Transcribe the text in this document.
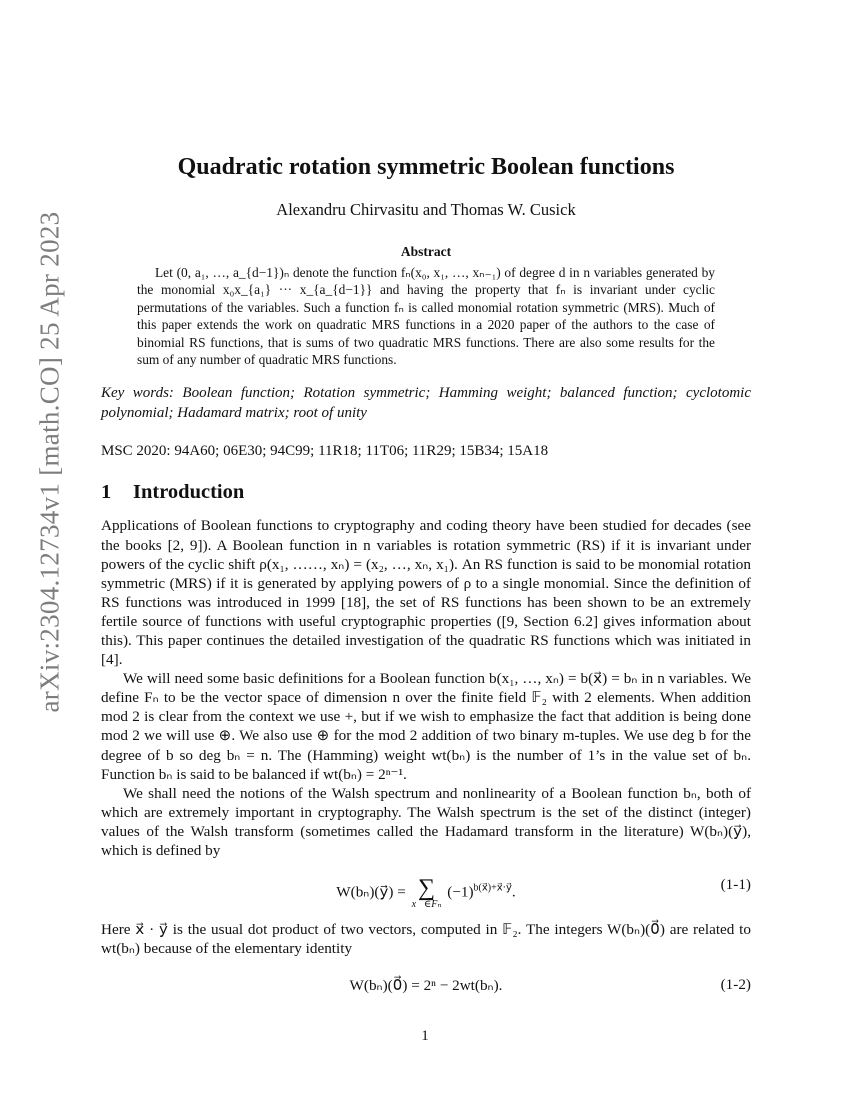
arXiv:2304.12734v1 [math.CO] 25 Apr 2023
Quadratic rotation symmetric Boolean functions
Alexandru Chirvasitu and Thomas W. Cusick
Abstract

Let (0, a₁, …, a_{d−1})ₙ denote the function fₙ(x₀, x₁, …, xₙ₋₁) of degree d in n variables generated by the monomial x₀x_{a₁} ··· x_{a_{d−1}} and having the property that fₙ is invariant under cyclic permutations of the variables. Such a function fₙ is called monomial rotation symmetric (MRS). Much of this paper extends the work on quadratic MRS functions in a 2020 paper of the authors to the case of binomial RS functions, that is sums of two quadratic MRS functions. There are also some results for the sum of any number of quadratic MRS functions.

Key words: Boolean function; Rotation symmetric; Hamming weight; balanced function; cyclotomic polynomial; Hadamard matrix; root of unity

MSC 2020: 94A60; 06E30; 94C99; 11R18; 11T06; 11R29; 15B34; 15A18

1 Introduction

Applications of Boolean functions to cryptography and coding theory have been studied for decades (see the books [2, 9]). A Boolean function in n variables is rotation symmetric (RS) if it is invariant under powers of the cyclic shift ρ(x₁, ……, xₙ) = (x₂, …, xₙ, x₁). An RS function is said to be monomial rotation symmetric (MRS) if it is generated by applying powers of ρ to a single monomial. Since the definition of RS functions was introduced in 1999 [18], the set of RS functions has been shown to be an extremely fertile source of functions with useful cryptographic properties ([9, Section 6.2] gives information about this). This paper continues the detailed investigation of the quadratic RS functions which was initiated in [4].

We will need some basic definitions for a Boolean function b(x₁, …, xₙ) = b(x⃗) = bₙ in n variables. We define Fₙ to be the vector space of dimension n over the finite field 𝔽₂ with 2 elements. When addition mod 2 is clear from the context we use +, but if we wish to emphasize the fact that addition is being done mod 2 we will use ⊕. We also use ⊕ for the mod 2 addition of two binary m-tuples. We use deg b for the degree of b so deg bₙ = n. The (Hamming) weight wt(bₙ) is the number of 1’s in the value set of bₙ. Function bₙ is said to be balanced if wt(bₙ) = 2ⁿ⁻¹.

We shall need the notions of the Walsh spectrum and nonlinearity of a Boolean function bₙ, both of which are extremely important in cryptography. The Walsh spectrum is the set of the distinct (integer) values of the Walsh transform (sometimes called the Hadamard transform in the literature) W(bₙ)(y⃗), which is defined by

W(bₙ)(y⃗) = ∑
x⃗∈Fₙ
$(-1)^{b(x⃗)+x⃗\cdot y⃗}$.	(1-1)

Here x⃗ · y⃗ is the usual dot product of two vectors, computed in 𝔽₂. The integers W(bₙ)(0⃗) are related to wt(bₙ) because of the elementary identity

W(bₙ)(0⃗) = 2ⁿ − 2wt(bₙ).	(1-2)
1
